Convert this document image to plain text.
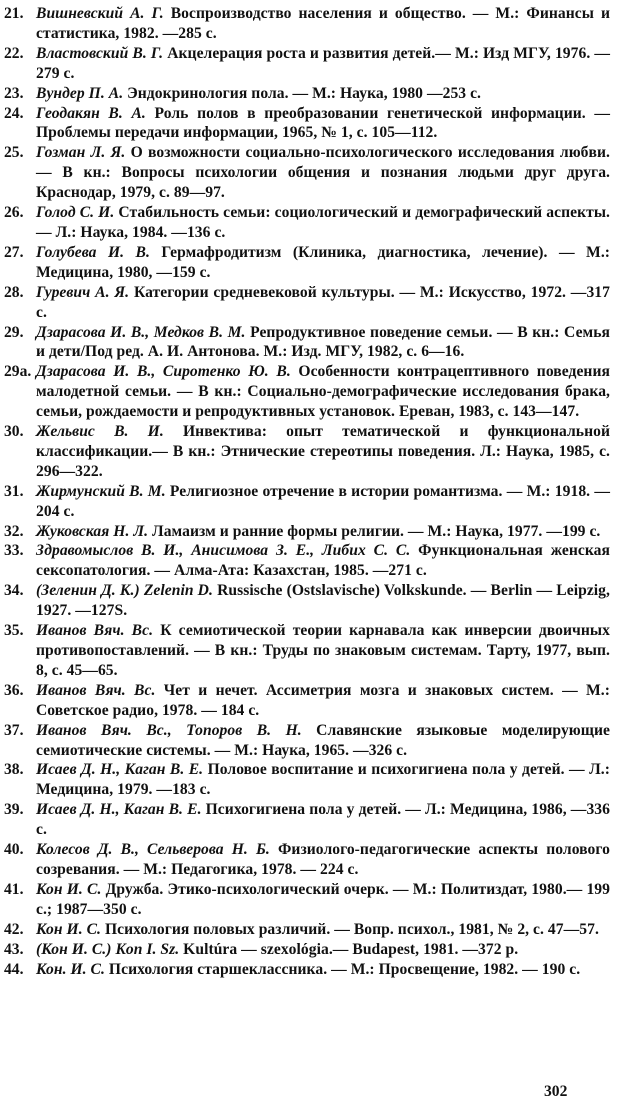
21. Вишневский А. Г. Воспроизводство населения и общество. — М.: Финансы и статистика, 1982. —285 с.
22. Властовский В. Г. Акцелерация роста и развития детей.— М.: Изд МГУ, 1976. —279 с.
23. Вундер П. А. Эндокринология пола. — М.: Наука, 1980 —253 с.
24. Геодакян В. А. Роль полов в преобразовании генетической информации. — Проблемы передачи информации, 1965, № 1, с. 105—112.
25. Гозман Л. Я. О возможности социально-психологического исследования любви. — В кн.: Вопросы психологии общения и познания людьми друг друга. Краснодар, 1979, с. 89—97.
26. Голод С. И. Стабильность семьи: социологический и демографический аспекты. — Л.: Наука, 1984. —136 с.
27. Голубева И. В. Гермафродитизм (Клиника, диагностика, лечение). — М.: Медицина, 1980, —159 с.
28. Гуревич А. Я. Категории средневековой культуры. — М.: Искусство, 1972. —317 с.
29. Дзарасова И. В., Медков В. М. Репродуктивное поведение семьи. — В кн.: Семья и дети/Под ред. А. И. Антонова. М.: Изд. МГУ, 1982, с. 6—16.
29а. Дзарасова И. В., Сиротенко Ю. В. Особенности контрацептивного поведения малодетной семьи. — В кн.: Социально-демографические исследования брака, семьи, рождаемости и репродуктивных установок. Ереван, 1983, с. 143—147.
30. Жельвис В. И. Инвектива: опыт тематической и функциональной классификации.— В кн.: Этнические стереотипы поведения. Л.: Наука, 1985, с. 296—322.
31. Жирмунский В. М. Религиозное отречение в истории романтизма. — М.: 1918. —204 с.
32. Жуковская Н. Л. Ламаизм и ранние формы религии. — М.: Наука, 1977. —199 с.
33. Здравомыслов В. И., Анисимова З. Е., Либих С. С. Функциональная женская сексопатология. — Алма-Ата: Казахстан, 1985. —271 с.
34. (Зеленин Д. К.) Zelenin D. Russische (Ostslavische) Volkskunde. — Berlin — Leipzig, 1927. —127S.
35. Иванов Вяч. Вс. К семиотической теории карнавала как инверсии двоичных противопоставлений. — В кн.: Труды по знаковым системам. Тарту, 1977, вып. 8, с. 45—65.
36. Иванов Вяч. Вс. Чет и нечет. Ассиметрия мозга и знаковых систем. — М.: Советское радио, 1978. — 184 с.
37. Иванов Вяч. Вс., Топоров В. Н. Славянские языковые моделирующие семиотические системы. — М.: Наука, 1965. —326 с.
38. Исаев Д. Н., Каган В. Е. Половое воспитание и психогигиена пола у детей. — Л.: Медицина, 1979. —183 с.
39. Исаев Д. Н., Каган В. Е. Психогигиена пола у детей. — Л.: Медицина, 1986, —336 с.
40. Колесов Д. В., Сельверова Н. Б. Физиолого-педагогические аспекты полового созревания. — М.: Педагогика, 1978. — 224 с.
41. Кон И. С. Дружба. Этико-психологический очерк. — М.: Политиздат, 1980.— 199 с.; 1987—350 с.
42. Кон И. С. Психология половых различий. — Вопр. психол., 1981, № 2, с. 47—57.
43. (Кон И. С.) Kon I. Sz. Kultúra — szexológia.— Budapest, 1981. —372 p.
44. Кон. И. С. Психология старшеклассника. — М.: Просвещение, 1982. — 190 с.
302
